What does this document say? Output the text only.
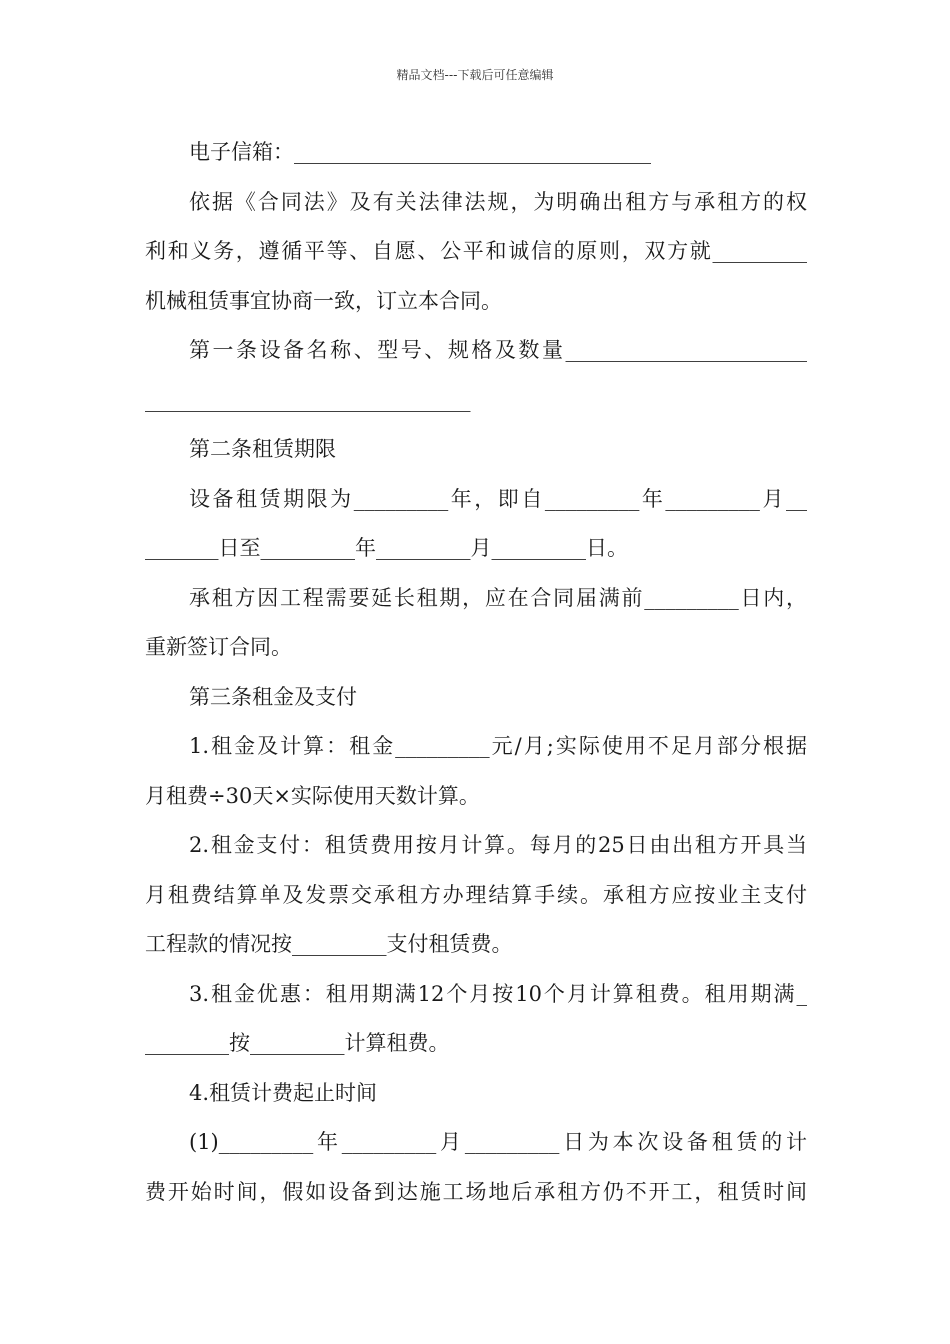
精品文档---下载后可任意编辑
电子信箱：__________________________________
依据《合同法》及有关法律法规，为明确出租方与承租方的权
利和义务，遵循平等、自愿、公平和诚信的原则，双方就_________
机械租赁事宜协商一致，订立本合同。
第一条设备名称、型号、规格及数量_______________________
_______________________________
第二条租赁期限
设备租赁期限为_________年，即自_________年_________月__
_______日至_________年_________月_________日。
承租方因工程需要延长租期，应在合同届满前_________日内，
重新签订合同。
第三条租金及支付
1.租金及计算：租金_________元/月;实际使用不足月部分根据
月租费÷30天×实际使用天数计算。
2.租金支付：租赁费用按月计算。每月的25日由出租方开具当
月租费结算单及发票交承租方办理结算手续。承租方应按业主支付
工程款的情况按_________支付租赁费。
3.租金优惠：租用期满12个月按10个月计算租费。租用期满_
________按_________计算租费。
4.租赁计费起止时间
(1)_________年_________月_________日为本次设备租赁的计
费开始时间，假如设备到达施工场地后承租方仍不开工，租赁时间
